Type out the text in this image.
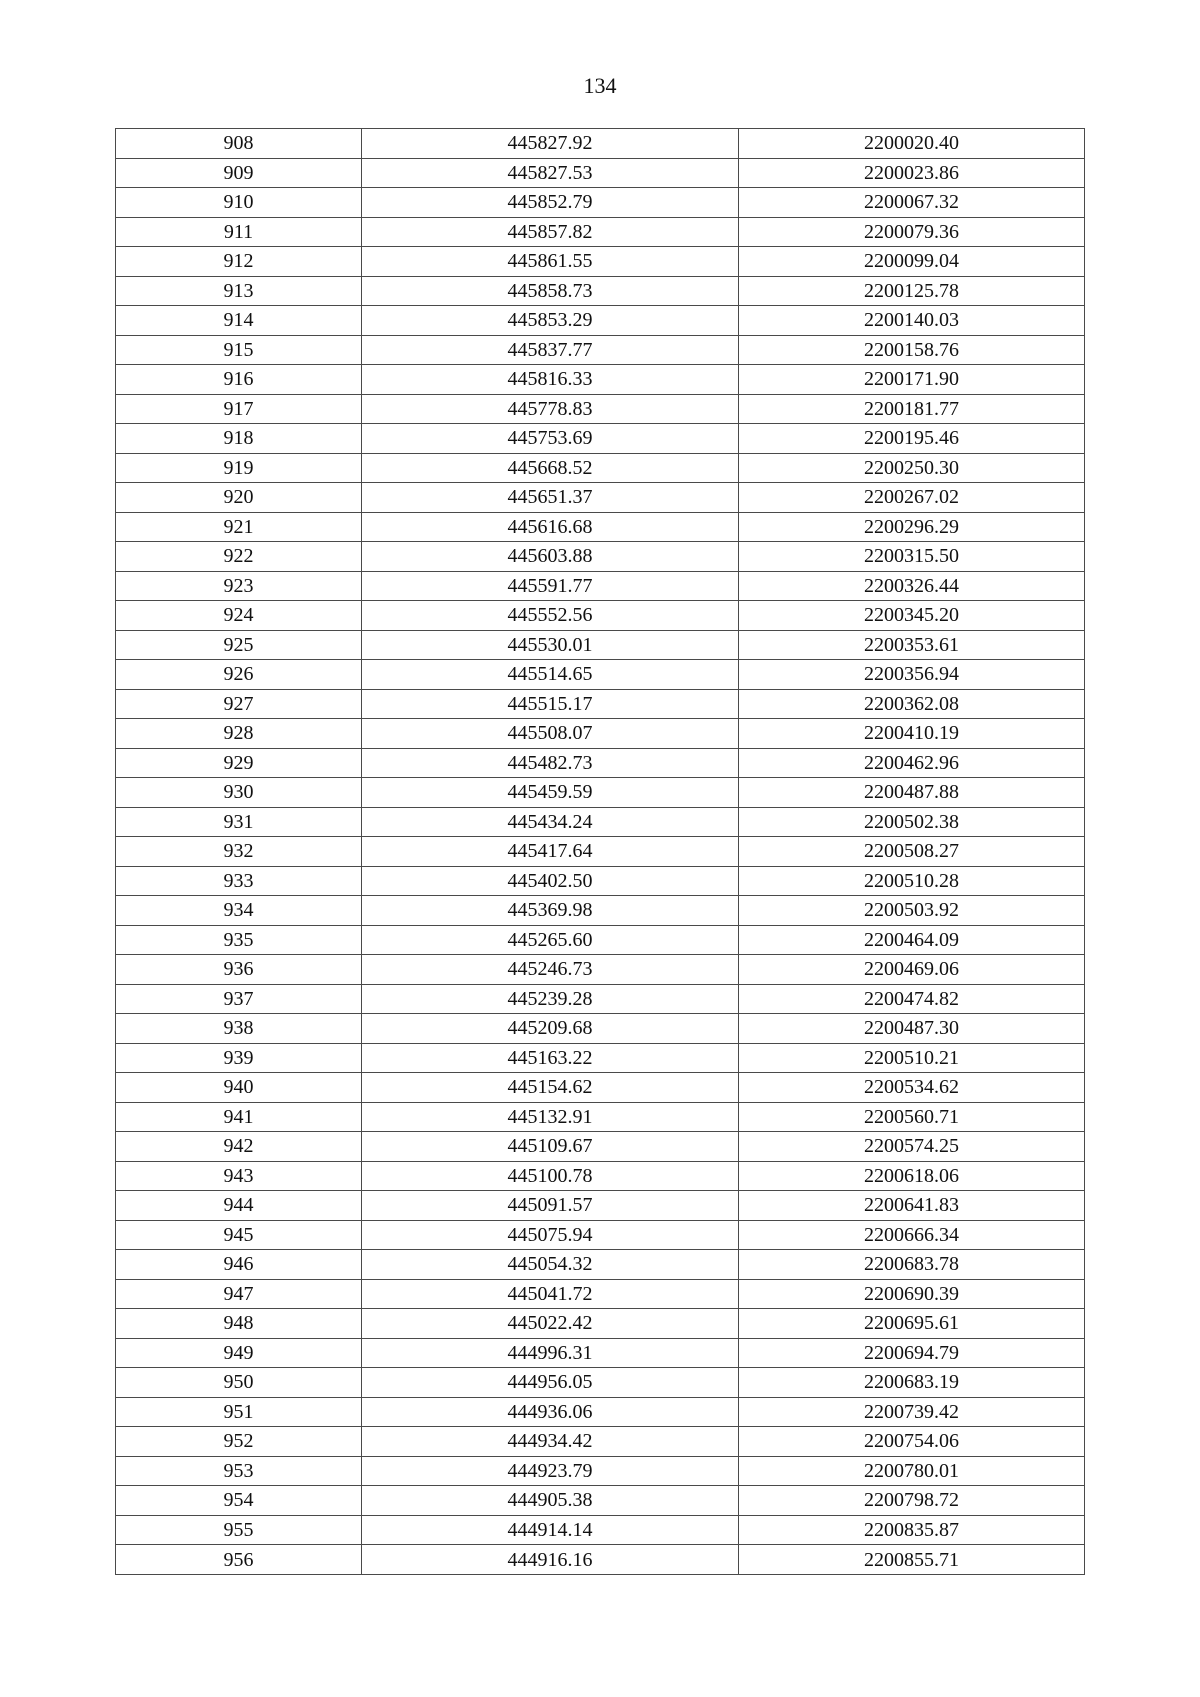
134
908	445827.92	2200020.40
909	445827.53	2200023.86
910	445852.79	2200067.32
911	445857.82	2200079.36
912	445861.55	2200099.04
913	445858.73	2200125.78
914	445853.29	2200140.03
915	445837.77	2200158.76
916	445816.33	2200171.90
917	445778.83	2200181.77
918	445753.69	2200195.46
919	445668.52	2200250.30
920	445651.37	2200267.02
921	445616.68	2200296.29
922	445603.88	2200315.50
923	445591.77	2200326.44
924	445552.56	2200345.20
925	445530.01	2200353.61
926	445514.65	2200356.94
927	445515.17	2200362.08
928	445508.07	2200410.19
929	445482.73	2200462.96
930	445459.59	2200487.88
931	445434.24	2200502.38
932	445417.64	2200508.27
933	445402.50	2200510.28
934	445369.98	2200503.92
935	445265.60	2200464.09
936	445246.73	2200469.06
937	445239.28	2200474.82
938	445209.68	2200487.30
939	445163.22	2200510.21
940	445154.62	2200534.62
941	445132.91	2200560.71
942	445109.67	2200574.25
943	445100.78	2200618.06
944	445091.57	2200641.83
945	445075.94	2200666.34
946	445054.32	2200683.78
947	445041.72	2200690.39
948	445022.42	2200695.61
949	444996.31	2200694.79
950	444956.05	2200683.19
951	444936.06	2200739.42
952	444934.42	2200754.06
953	444923.79	2200780.01
954	444905.38	2200798.72
955	444914.14	2200835.87
956	444916.16	2200855.71
